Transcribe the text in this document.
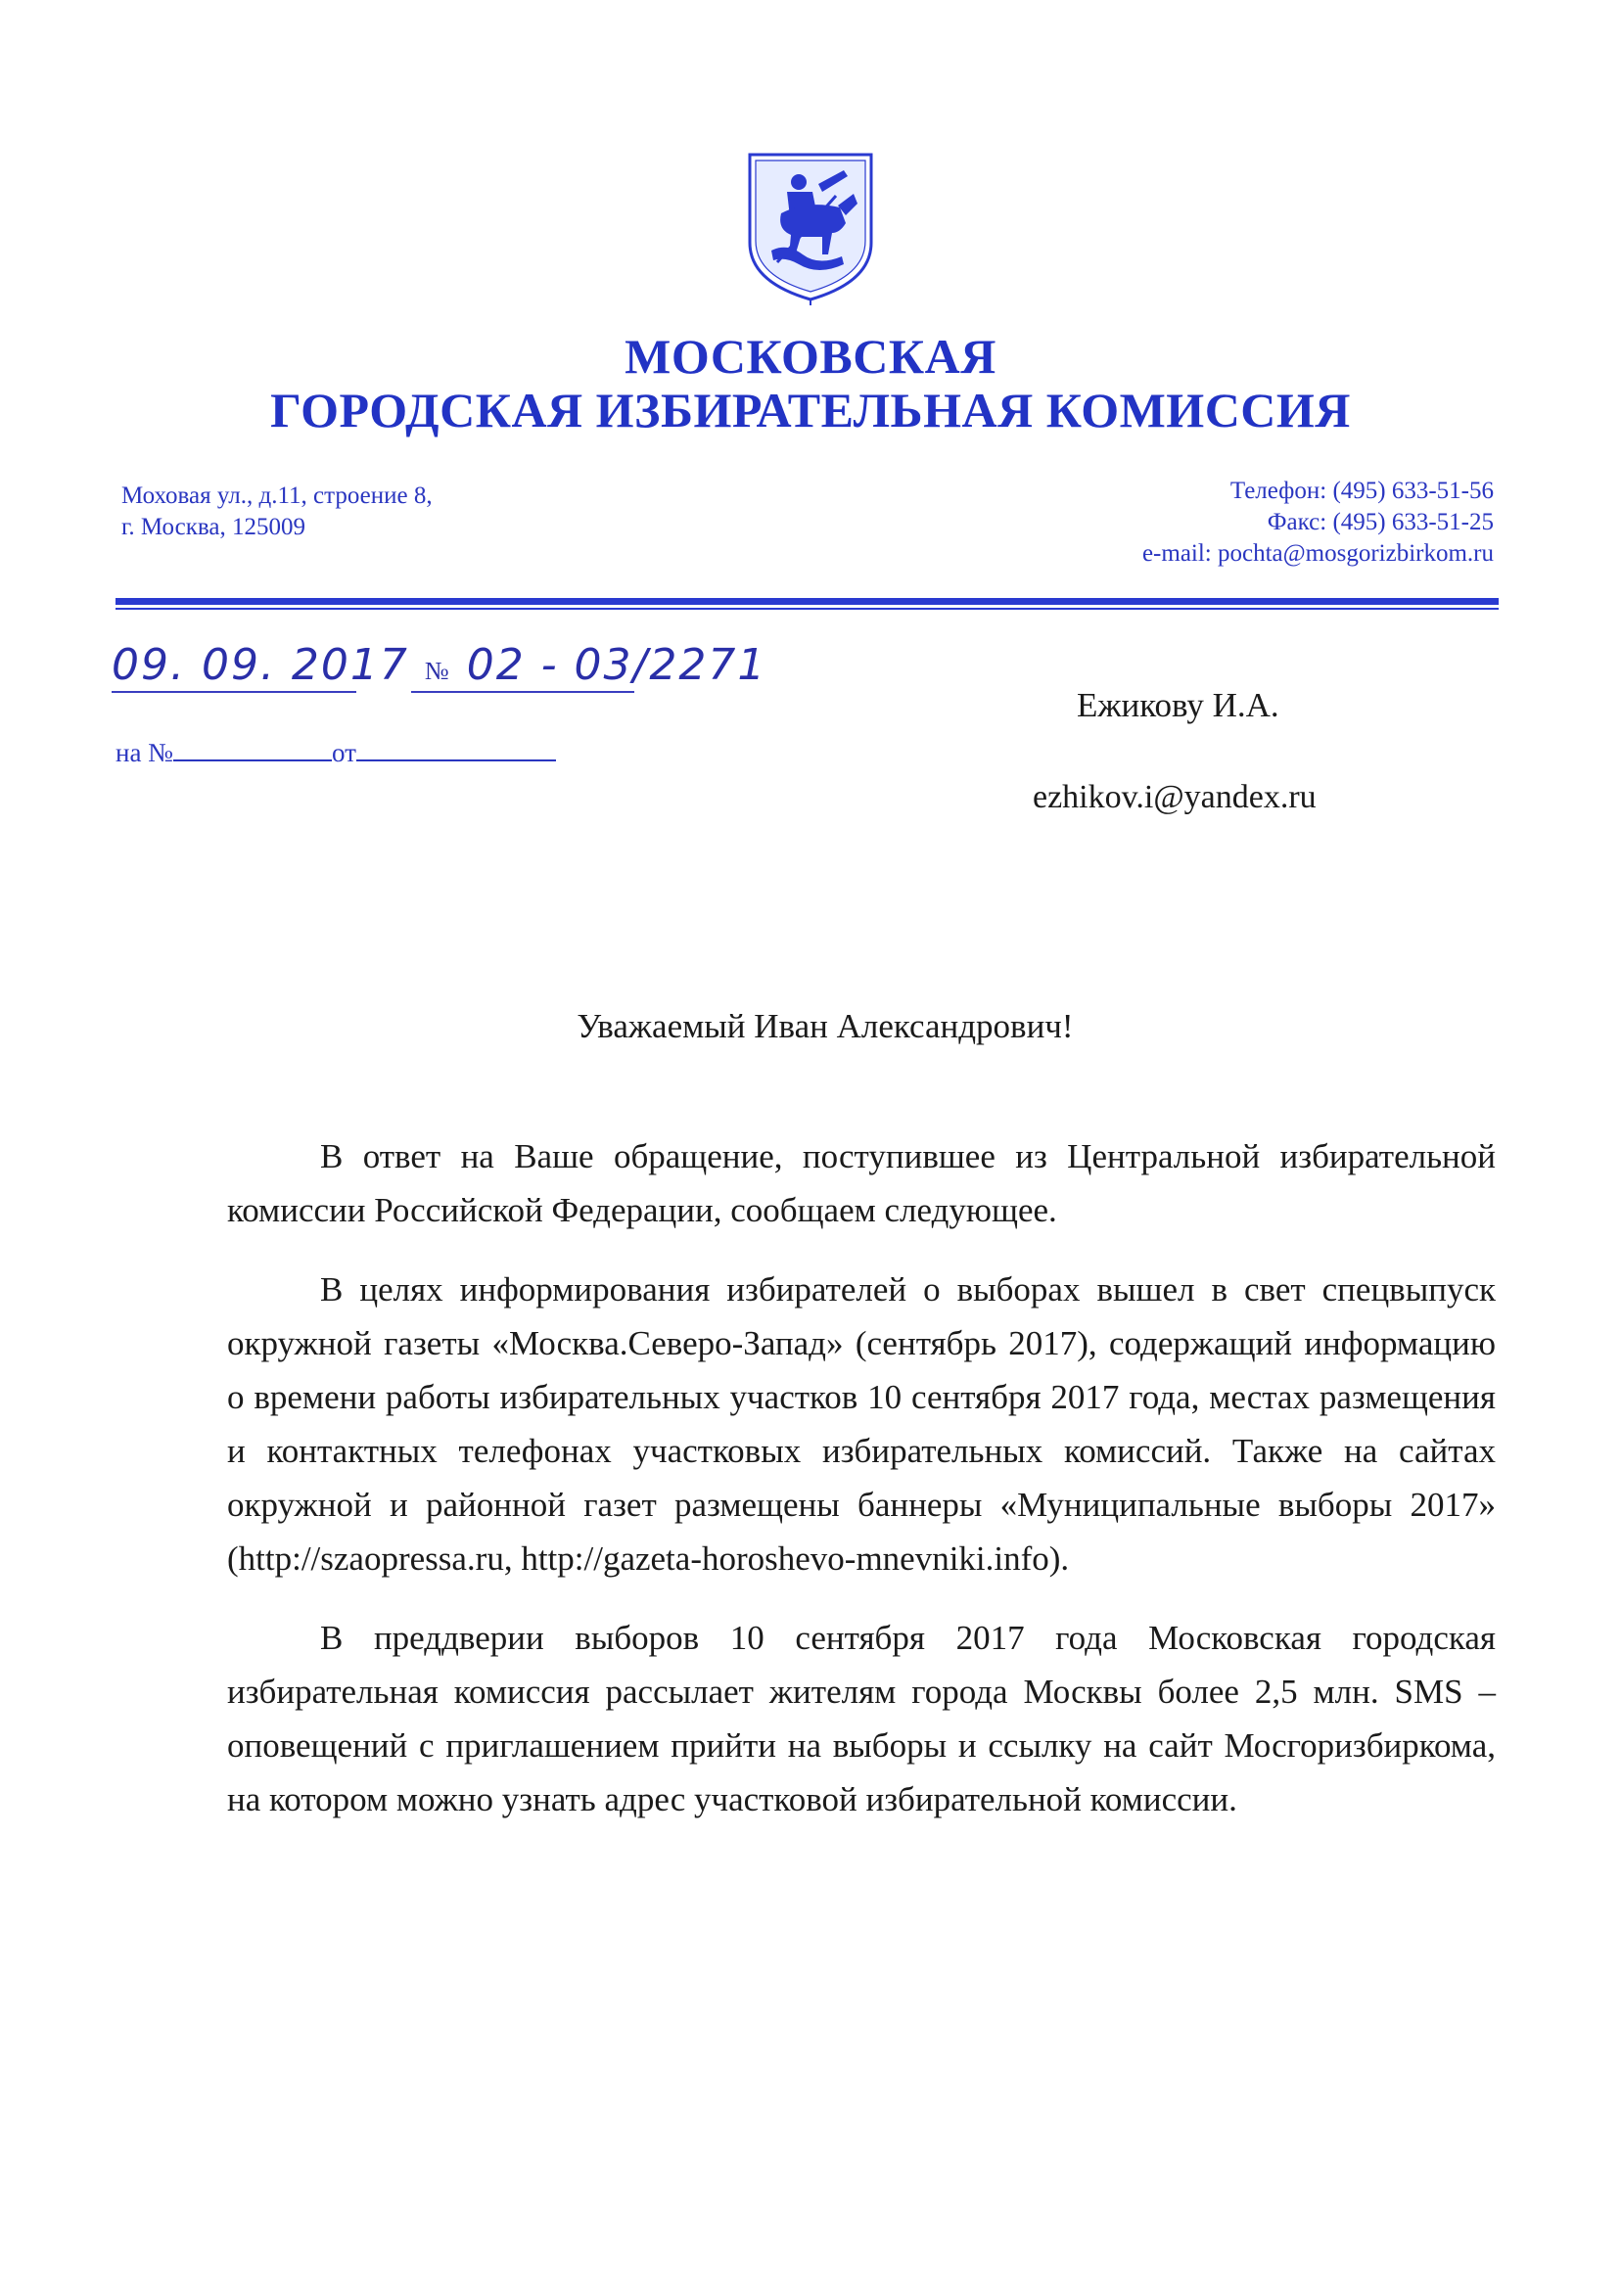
МОСКОВСКАЯ
ГОРОДСКАЯ ИЗБИРАТЕЛЬНАЯ КОМИССИЯ
Моховая ул., д.11, строение 8,
г. Москва, 125009
Телефон: (495) 633-51-56
Факс: (495) 633-51-25
e-mail: pochta@mosgorizbirkom.ru
09. 09. 2017 № 02 - 03/2271
на №	от
Ежикову И.А.
ezhikov.i@yandex.ru
Уважаемый Иван Александрович!

В ответ на Ваше обращение, поступившее из Центральной избирательной комиссии Российской Федерации, сообщаем следующее.

В целях информирования избирателей о выборах вышел в свет спецвыпуск окружной газеты «Москва.Северо-Запад» (сентябрь 2017), содержащий информацию о времени работы избирательных участков 10 сентября 2017 года, местах размещения и контактных телефонах участковых избирательных комиссий. Также на сайтах окружной и районной газет размещены баннеры «Муниципальные выборы 2017» (http://szaopressa.ru, http://gazeta-horoshevo-mnevniki.info).

В преддверии выборов 10 сентября 2017 года Московская городская избирательная комиссия рассылает жителям города Москвы более 2,5 млн. SMS – оповещений с приглашением прийти на выборы и ссылку на сайт Мосгоризбиркома, на котором можно узнать адрес участковой избирательной комиссии.
